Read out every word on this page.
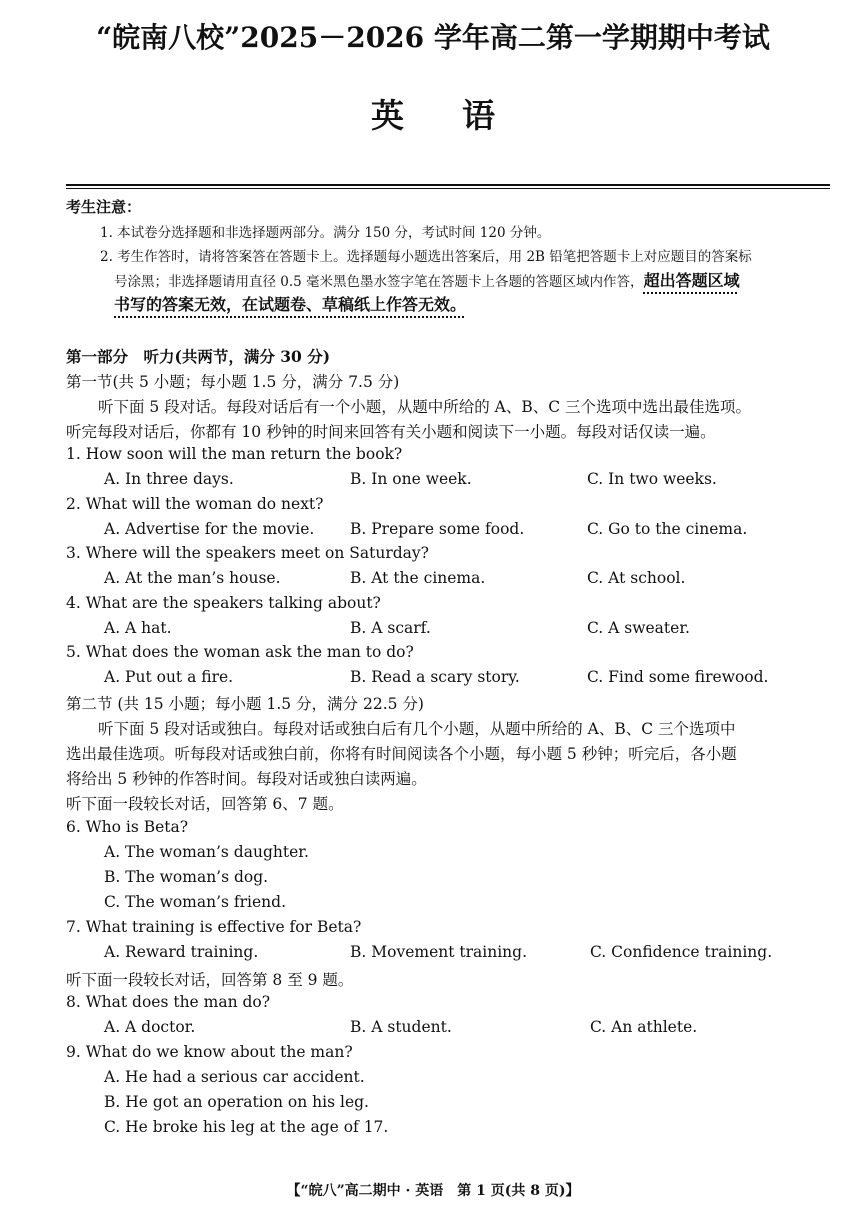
“皖南八校”2025－2026 学年高二第一学期期中考试
英语
考生注意：
1. 本试卷分选择题和非选择题两部分。满分 150 分，考试时间 120 分钟。
2. 考生作答时，请将答案答在答题卡上。选择题每小题选出答案后，用 2B 铅笔把答题卡上对应题目的答案标
号涂黑；非选择题请用直径 0.5 毫米黑色墨水签字笔在答题卡上各题的答题区域内作答，超出答题区域
书写的答案无效，在试题卷、草稿纸上作答无效。
第一部分　听力(共两节，满分 30 分)
第一节(共 5 小题；每小题 1.5 分，满分 7.5 分)
听下面 5 段对话。每段对话后有一个小题，从题中所给的 A、B、C 三个选项中选出最佳选项。
听完每段对话后，你都有 10 秒钟的时间来回答有关小题和阅读下一小题。每段对话仅读一遍。
1. How soon will the man return the book?
A. In three days.	B. In one week.	C. In two weeks.
2. What will the woman do next?
A. Advertise for the movie. B. Prepare some food.	C. Go to the cinema.
3. Where will the speakers meet on Saturday?
A. At the man’s house.	B. At the cinema.	C. At school.
4. What are the speakers talking about?
A. A hat.	B. A scarf.	C. A sweater.
5. What does the woman ask the man to do?
A. Put out a fire.	B. Read a scary story.	C. Find some firewood.
第二节 (共 15 小题；每小题 1.5 分，满分 22.5 分)
听下面 5 段对话或独白。每段对话或独白后有几个小题，从题中所给的 A、B、C 三个选项中
选出最佳选项。听每段对话或独白前，你将有时间阅读各个小题，每小题 5 秒钟；听完后，各小题
将给出 5 秒钟的作答时间。每段对话或独白读两遍。
听下面一段较长对话，回答第 6、7 题。
6. Who is Beta?
A. The woman’s daughter.
B. The woman’s dog.
C. The woman’s friend.
7. What training is effective for Beta?
A. Reward training.	B. Movement training.	C. Confidence training.
听下面一段较长对话，回答第 8 至 9 题。
8. What does the man do?
A. A doctor.	B. A student.	C. An athlete.
9. What do we know about the man?
A. He had a serious car accident.
B. He got an operation on his leg.
C. He broke his leg at the age of 17.
【“皖八”高二期中 · 英语　第 1 页(共 8 页)】
